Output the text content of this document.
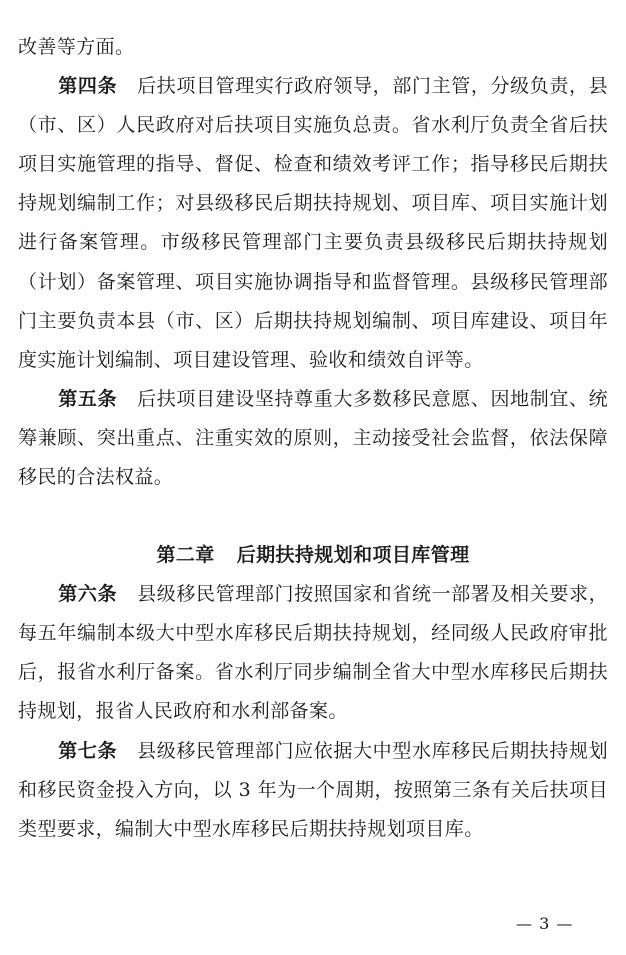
改善等方面。

第四条 后扶项目管理实行政府领导，部门主管，分级负责，县（市、区）人民政府对后扶项目实施负总责。省水利厅负责全省后扶项目实施管理的指导、督促、检查和绩效考评工作；指导移民后期扶持规划编制工作；对县级移民后期扶持规划、项目库、项目实施计划进行备案管理。市级移民管理部门主要负责县级移民后期扶持规划（计划）备案管理、项目实施协调指导和监督管理。县级移民管理部门主要负责本县（市、区）后期扶持规划编制、项目库建设、项目年度实施计划编制、项目建设管理、验收和绩效自评等。

第五条 后扶项目建设坚持尊重大多数移民意愿、因地制宜、统筹兼顾、突出重点、注重实效的原则，主动接受社会监督，依法保障移民的合法权益。

第二章 后期扶持规划和项目库管理

第六条 县级移民管理部门按照国家和省统一部署及相关要求，每五年编制本级大中型水库移民后期扶持规划，经同级人民政府审批后，报省水利厅备案。省水利厅同步编制全省大中型水库移民后期扶持规划，报省人民政府和水利部备案。

第七条 县级移民管理部门应依据大中型水库移民后期扶持规划和移民资金投入方向，以 3 年为一个周期，按照第三条有关后扶项目类型要求，编制大中型水库移民后期扶持规划项目库。

— 3 —
